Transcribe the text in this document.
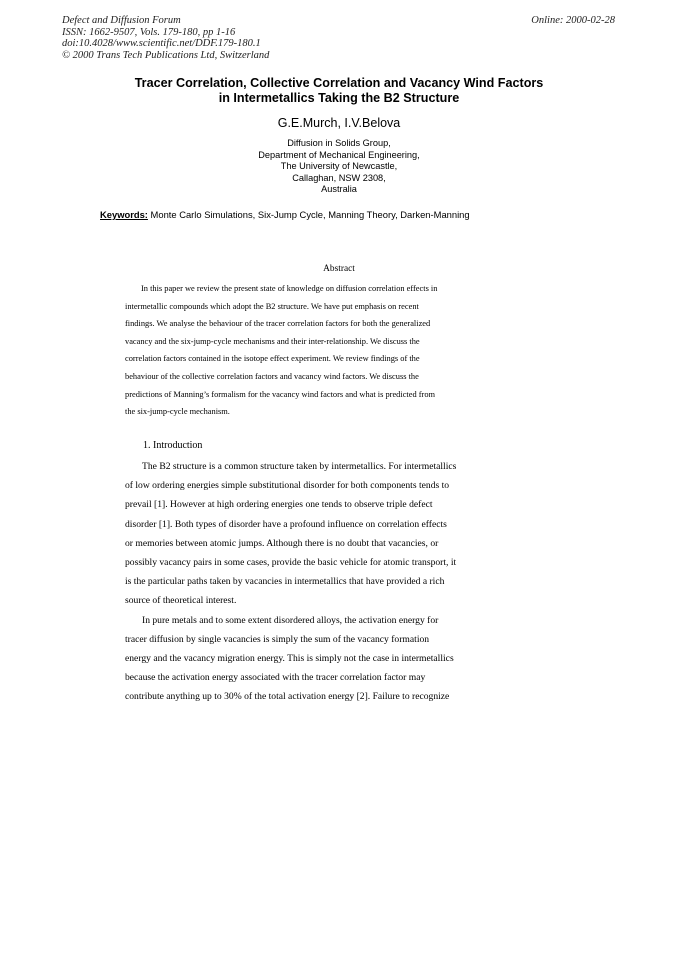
Defect and Diffusion Forum
ISSN: 1662-9507, Vols. 179-180, pp 1-16
doi:10.4028/www.scientific.net/DDF.179-180.1
© 2000 Trans Tech Publications Ltd, Switzerland
Online: 2000-02-28
Tracer Correlation, Collective Correlation and Vacancy Wind Factors
in Intermetallics Taking the B2 Structure
G.E.Murch, I.V.Belova
Diffusion in Solids Group,
Department of Mechanical Engineering,
The University of Newcastle,
Callaghan, NSW 2308,
Australia
Keywords: Monte Carlo Simulations, Six-Jump Cycle, Manning Theory, Darken-Manning
Abstract
In this paper we review the present state of knowledge on diffusion correlation effects in
intermetallic compounds which adopt the B2 structure. We have put emphasis on recent
findings. We analyse the behaviour of the tracer correlation factors for both the generalized
vacancy and the six-jump-cycle mechanisms and their inter-relationship. We discuss the
correlation factors contained in the isotope effect experiment. We review findings of the
behaviour of the collective correlation factors and vacancy wind factors. We discuss the
predictions of Manning’s formalism for the vacancy wind factors and what is predicted from
the six-jump-cycle mechanism.
1. Introduction
The B2 structure is a common structure taken by intermetallics. For intermetallics
of low ordering energies simple substitutional disorder for both components tends to
prevail [1]. However at high ordering energies one tends to observe triple defect
disorder [1]. Both types of disorder have a profound influence on correlation effects
or memories between atomic jumps. Although there is no doubt that vacancies, or
possibly vacancy pairs in some cases, provide the basic vehicle for atomic transport, it
is the particular paths taken by vacancies in intermetallics that have provided a rich
source of theoretical interest.
In pure metals and to some extent disordered alloys, the activation energy for
tracer diffusion by single vacancies is simply the sum of the vacancy formation
energy and the vacancy migration energy. This is simply not the case in intermetallics
because the activation energy associated with the tracer correlation factor may
contribute anything up to 30% of the total activation energy [2]. Failure to recognize
